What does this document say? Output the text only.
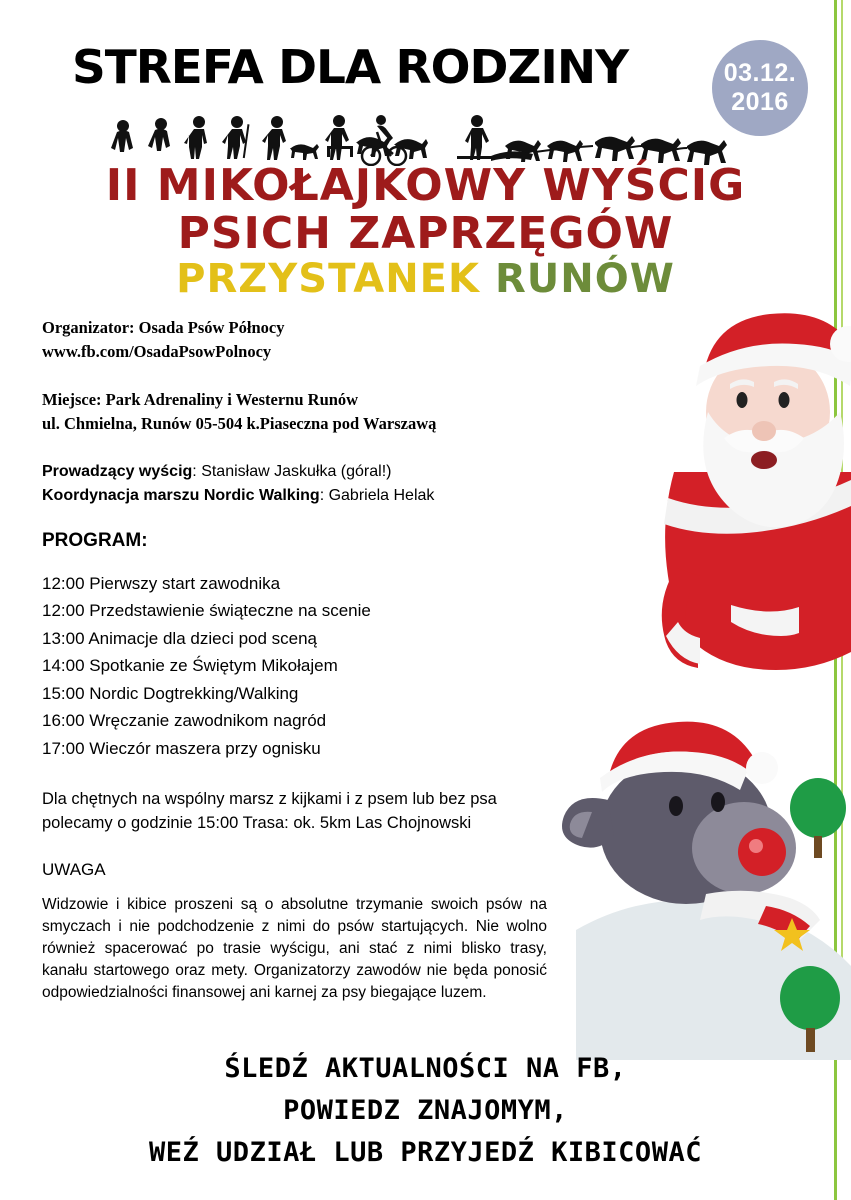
STREFA DLA RODZINY	03.12.
2016
II MIKOŁAJKOWY WYŚCIG
PSICH ZAPRZĘGÓW
PRZYSTANEK RUNÓW
Organizator: Osada Psów Północy
www.fb.com/OsadaPsowPolnocy
Miejsce: Park Adrenaliny i Westernu Runów
ul. Chmielna, Runów 05-504 k.Piaseczna pod Warszawą
Prowadzący wyścig: Stanisław Jaskułka (góral!)
Koordynacja marszu Nordic Walking: Gabriela Helak
PROGRAM:
12:00 Pierwszy start zawodnika
12:00 Przedstawienie świąteczne na scenie
13:00 Animacje dla dzieci pod sceną
14:00 Spotkanie ze Świętym Mikołajem
15:00 Nordic Dogtrekking/Walking
16:00 Wręczanie zawodnikom nagród
17:00 Wieczór maszera przy ognisku
Dla chętnych na wspólny marsz z kijkami i z psem lub bez psa polecamy o godzinie 15:00 Trasa: ok. 5km Las Chojnowski
UWAGA
Widzowie i kibice proszeni są o absolutne trzymanie swoich psów na smyczach i nie podchodzenie z nimi do psów startujących. Nie wolno również spacerować po trasie wyścigu, ani stać z nimi blisko trasy, kanału startowego oraz mety. Organizatorzy zawodów nie będa ponosić odpowiedzialności finansowej ani karnej za psy biegające luzem.
ŚLEDŹ AKTUALNOŚCI NA FB,
POWIEDZ ZNAJOMYM,
WEŹ UDZIAŁ LUB PRZYJEDŹ KIBICOWAĆ
